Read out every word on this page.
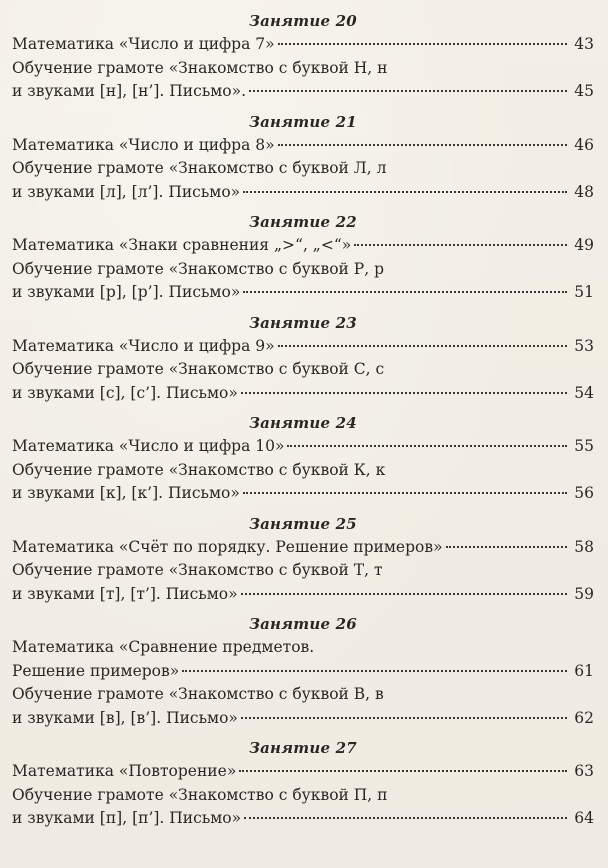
Занятие 20
Математика «Число и цифра 7»	43
Обучение грамоте «Знакомство с буквой Н, н
и звуками [н], [н’]. Письмо».	45
Занятие 21
Математика «Число и цифра 8»	46
Обучение грамоте «Знакомство с буквой Л, л
и звуками [л], [л’]. Письмо»	48
Занятие 22
Математика «Знаки сравнения „>“, „<“»	49
Обучение грамоте «Знакомство с буквой Р, р
и звуками [р], [р’]. Письмо»	51
Занятие 23
Математика «Число и цифра 9»	53
Обучение грамоте «Знакомство с буквой С, с
и звуками [с], [с’]. Письмо»	54
Занятие 24
Математика «Число и цифра 10»	55
Обучение грамоте «Знакомство с буквой К, к
и звуками [к], [к’]. Письмо»	56
Занятие 25
Математика «Счёт по порядку. Решение примеров»	58
Обучение грамоте «Знакомство с буквой Т, т
и звуками [т], [т’]. Письмо»	59
Занятие 26
Математика «Сравнение предметов.
Решение примеров»	61
Обучение грамоте «Знакомство с буквой В, в
и звуками [в], [в’]. Письмо»	62
Занятие 27
Математика «Повторение»	63
Обучение грамоте «Знакомство с буквой П, п
и звуками [п], [п’]. Письмо»	64
